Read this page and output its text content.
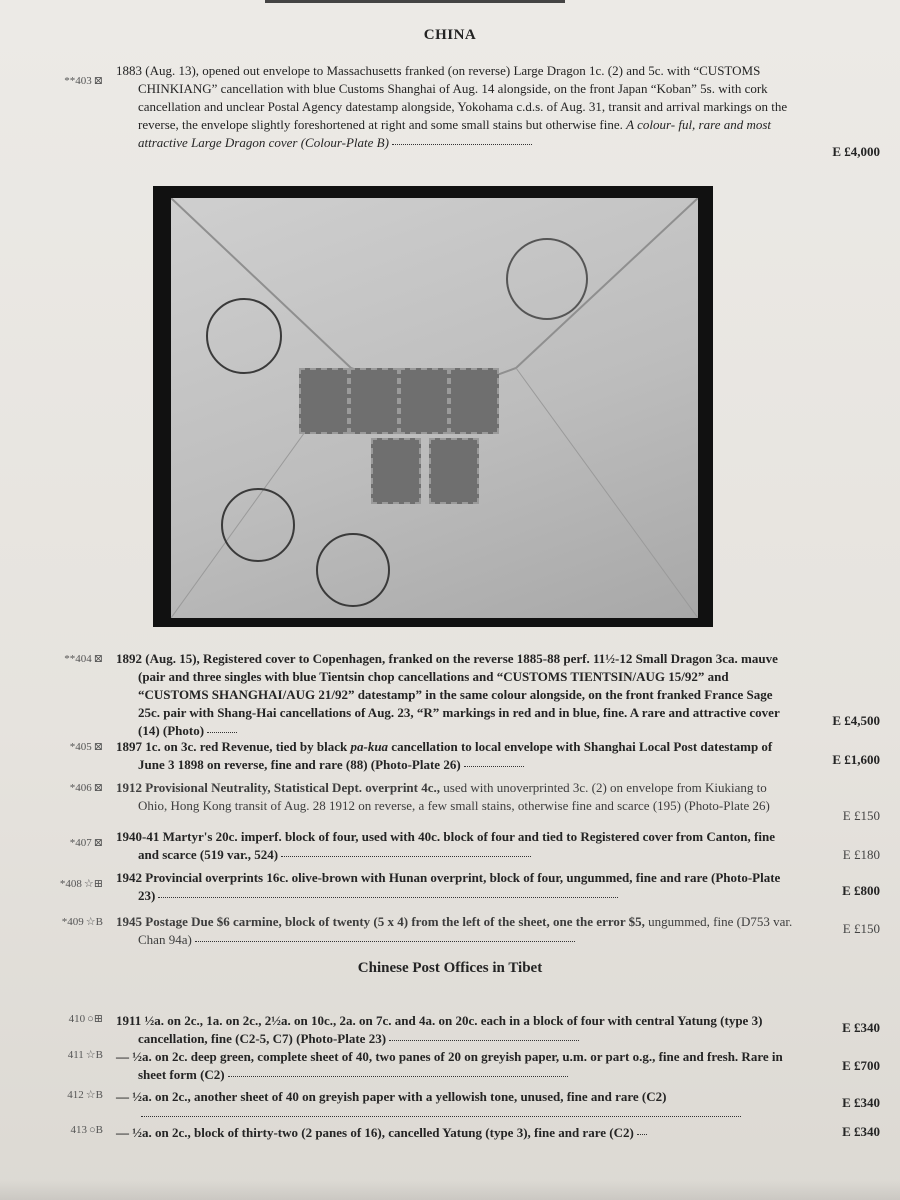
CHINA
**403 ⊠
1883 (Aug. 13), opened out envelope to Massachusetts franked (on reverse) Large Dragon 1c. (2) and 5c. with “CUSTOMS CHINKIANG” cancellation with blue Customs Shanghai of Aug. 14 alongside, on the front Japan “Koban” 5s. with cork cancellation and unclear Postal Agency datestamp alongside, Yokohama c.d.s. of Aug. 31, transit and arrival markings on the reverse, the envelope slightly foreshortened at right and some small stains but otherwise fine. A colour- ful, rare and most attractive Large Dragon cover (Colour-Plate B)
E £4,000
**404 ⊠ 1892 (Aug. 15), Registered cover to Copenhagen, franked on the reverse 1885-88 perf. 11½-12 Small Dragon 3ca. mauve (pair and three singles with blue Tientsin chop cancellations and “CUSTOMS TIENTSIN/AUG 15/92” and “CUSTOMS SHANGHAI/AUG 21/92” datestamp” in the same colour alongside, on the front franked France Sage 25c. pair with Shang-Hai cancellations of Aug. 23, “R” markings in red and in blue, fine. A rare and attractive cover (14) (Photo)
E £4,500
*405 ⊠ 1897 1c. on 3c. red Revenue, tied by black pa-kua cancellation to local envelope with Shanghai Local Post datestamp of June 3 1898 on reverse, fine and rare (88) (Photo-Plate 26)	E £1,600
*406 ⊠ 1912 Provisional Neutrality, Statistical Dept. overprint 4c., used with unoverprinted 3c. (2) on envelope from Kiukiang to Ohio, Hong Kong transit of Aug. 28 1912 on reverse, a few small stains, otherwise fine and scarce (195) (Photo-Plate 26)
E £150
*407 ⊠ 1940-41 Martyr's 20c. imperf. block of four, used with 40c. block of four and tied to Registered cover from Canton, fine and scarce (519 var., 524)	E £180
*408 ☆⊞ 1942 Provincial overprints 16c. olive-brown with Hunan overprint, block of four, ungummed, fine and rare (Photo-Plate 23)	E £800
*409 ☆B 1945 Postage Due $6 carmine, block of twenty (5 x 4) from the left of the sheet, one the error $5, ungummed, fine (D753 var. Chan 94a)
E £150
Chinese Post Offices in Tibet
410 ○⊞ 1911 ½a. on 2c., 1a. on 2c., 2½a. on 10c., 2a. on 7c. and 4a. on 20c. each in a block of four with central Yatung (type 3) cancellation, fine (C2-5, C7) (Photo-Plate 23)
E £340
411 ☆B — ½a. on 2c. deep green, complete sheet of 40, two panes of 20 on greyish paper, u.m. or part o.g., fine and fresh. Rare in sheet form (C2)
E £700
412 ☆B — ½a. on 2c., another sheet of 40 on greyish paper with a yellowish tone, unused, fine and rare (C2)	E £340
413 ○B — ½a. on 2c., block of thirty-two (2 panes of 16), cancelled Yatung (type 3), fine and rare (C2)	E £340
